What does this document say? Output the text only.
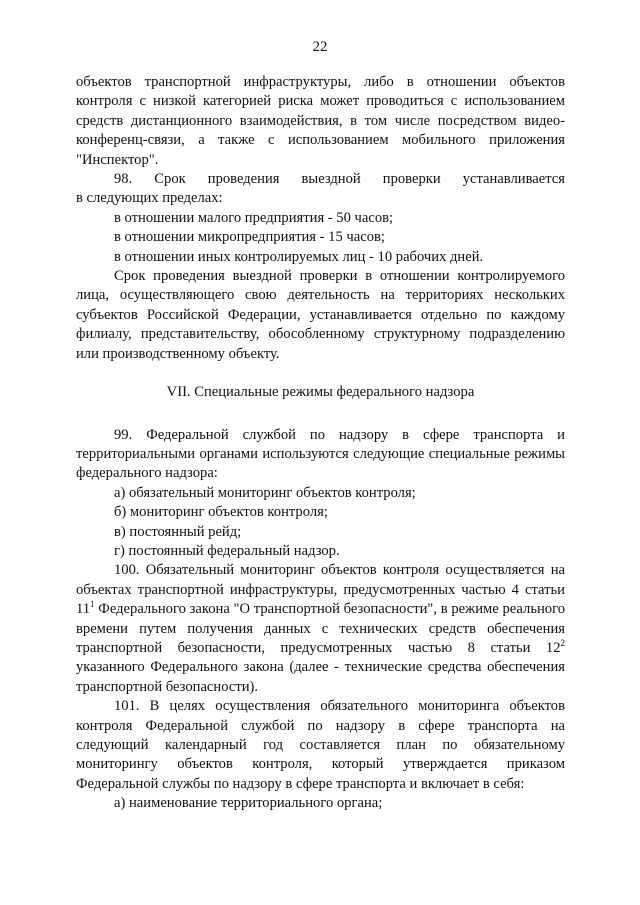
22

объектов транспортной инфраструктуры, либо в отношении объектов контроля с низкой категорией риска может проводиться с использованием средств дистанционного взаимодействия, в том числе посредством видео-конференц-связи, а также с использованием мобильного приложения "Инспектор".

98. Срок проведения выездной проверки устанавливается

в следующих пределах:

в отношении малого предприятия - 50 часов;

в отношении микропредприятия - 15 часов;

в отношении иных контролируемых лиц - 10 рабочих дней.

Срок проведения выездной проверки в отношении контролируемого лица, осуществляющего свою деятельность на территориях нескольких субъектов Российской Федерации, устанавливается отдельно по каждому филиалу, представительству, обособленному структурному подразделению или производственному объекту.

VII. Специальные режимы федерального надзора

99. Федеральной службой по надзору в сфере транспорта и территориальными органами используются следующие специальные режимы федерального надзора:

а) обязательный мониторинг объектов контроля;

б) мониторинг объектов контроля;

в) постоянный рейд;

г) постоянный федеральный надзор.

100. Обязательный мониторинг объектов контроля осуществляется на объектах транспортной инфраструктуры, предусмотренных частью 4 статьи $11^1$ Федерального закона "О транспортной безопасности", в режиме реального времени путем получения данных с технических средств обеспечения транспортной безопасности, предусмотренных частью 8 статьи $12^2$ указанного Федерального закона (далее - технические средства обеспечения транспортной безопасности).

101. В целях осуществления обязательного мониторинга объектов контроля Федеральной службой по надзору в сфере транспорта на следующий календарный год составляется план по обязательному мониторингу объектов контроля, который утверждается приказом Федеральной службы по надзору в сфере транспорта и включает в себя:

а) наименование территориального органа;
